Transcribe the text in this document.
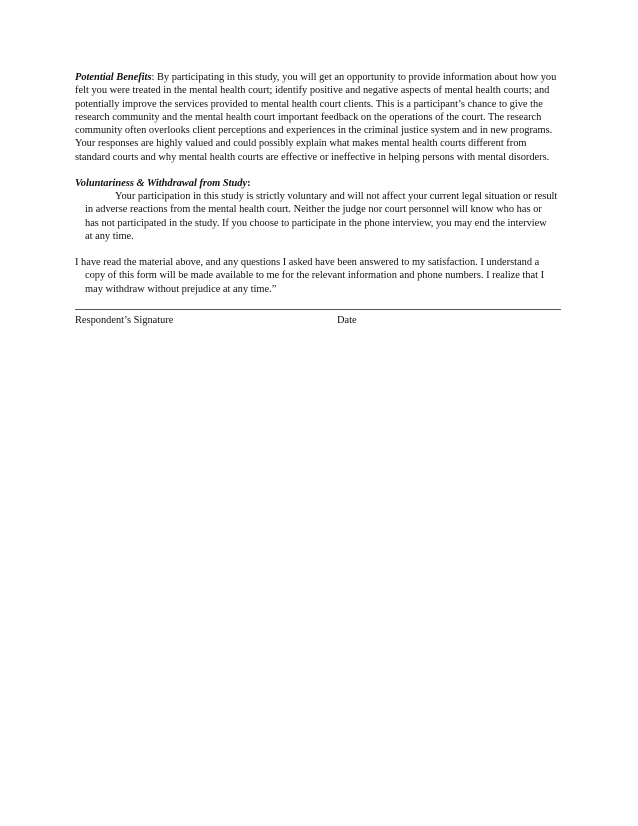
Potential Benefits: By participating in this study, you will get an opportunity to provide information about how you
felt you were treated in the mental health court; identify positive and negative aspects of mental health courts; and
potentially improve the services provided to mental health court clients. This is a participant’s chance to give the
research community and the mental health court important feedback on the operations of the court. The research
community often overlooks client perceptions and experiences in the criminal justice system and in new programs.
Your responses are highly valued and could possibly explain what makes mental health courts different from
standard courts and why mental health courts are effective or ineffective in helping persons with mental disorders.
Voluntariness & Withdrawal from Study:
Your participation in this study is strictly voluntary and will not affect your current legal situation or result
in adverse reactions from the mental health court. Neither the judge nor court personnel will know who has or
has not participated in the study. If you choose to participate in the phone interview, you may end the interview
at any time.
I have read the material above, and any questions I asked have been answered to my satisfaction. I understand a
copy of this form will be made available to me for the relevant information and phone numbers. I realize that I
may withdraw without prejudice at any time.”
Respondent’s Signature	Date
